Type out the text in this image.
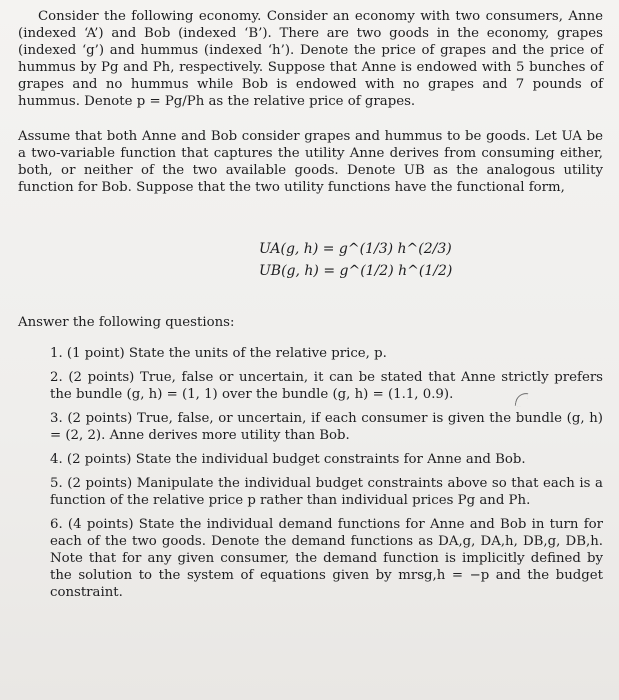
Consider the following economy. Consider an economy with two consumers, Anne (indexed ‘A’) and Bob (indexed ‘B’). There are two goods in the economy, grapes (indexed ‘g’) and hummus (indexed ‘h’). Denote the price of grapes and the price of hummus by Pg and Ph, respectively. Suppose that Anne is endowed with 5 bunches of grapes and no hummus while Bob is endowed with no grapes and 7 pounds of hummus. Denote p = Pg/Ph as the relative price of grapes.

Assume that both Anne and Bob consider grapes and hummus to be goods. Let UA be a two-variable function that captures the utility Anne derives from consuming either, both, or neither of the two available goods. Denote UB as the analogous utility function for Bob. Suppose that the two utility functions have the functional form,

UA(g, h) = g^(1/3) h^(2/3)
UB(g, h) = g^(1/2) h^(1/2)

Answer the following questions:

1. (1 point) State the units of the relative price, p.
2. (2 points) True, false or uncertain, it can be stated that Anne strictly prefers the bundle (g, h) = (1, 1) over the bundle (g, h) = (1.1, 0.9).
3. (2 points) True, false, or uncertain, if each consumer is given the bundle (g, h) = (2, 2). Anne derives more utility than Bob.
4. (2 points) State the individual budget constraints for Anne and Bob.
5. (2 points) Manipulate the individual budget constraints above so that each is a function of the relative price p rather than individual prices Pg and Ph.
6. (4 points) State the individual demand functions for Anne and Bob in turn for each of the two goods. Denote the demand functions as DA,g, DA,h, DB,g, DB,h. Note that for any given consumer, the demand function is implicitly defined by the solution to the system of equations given by mrsg,h = −p and the budget constraint.
